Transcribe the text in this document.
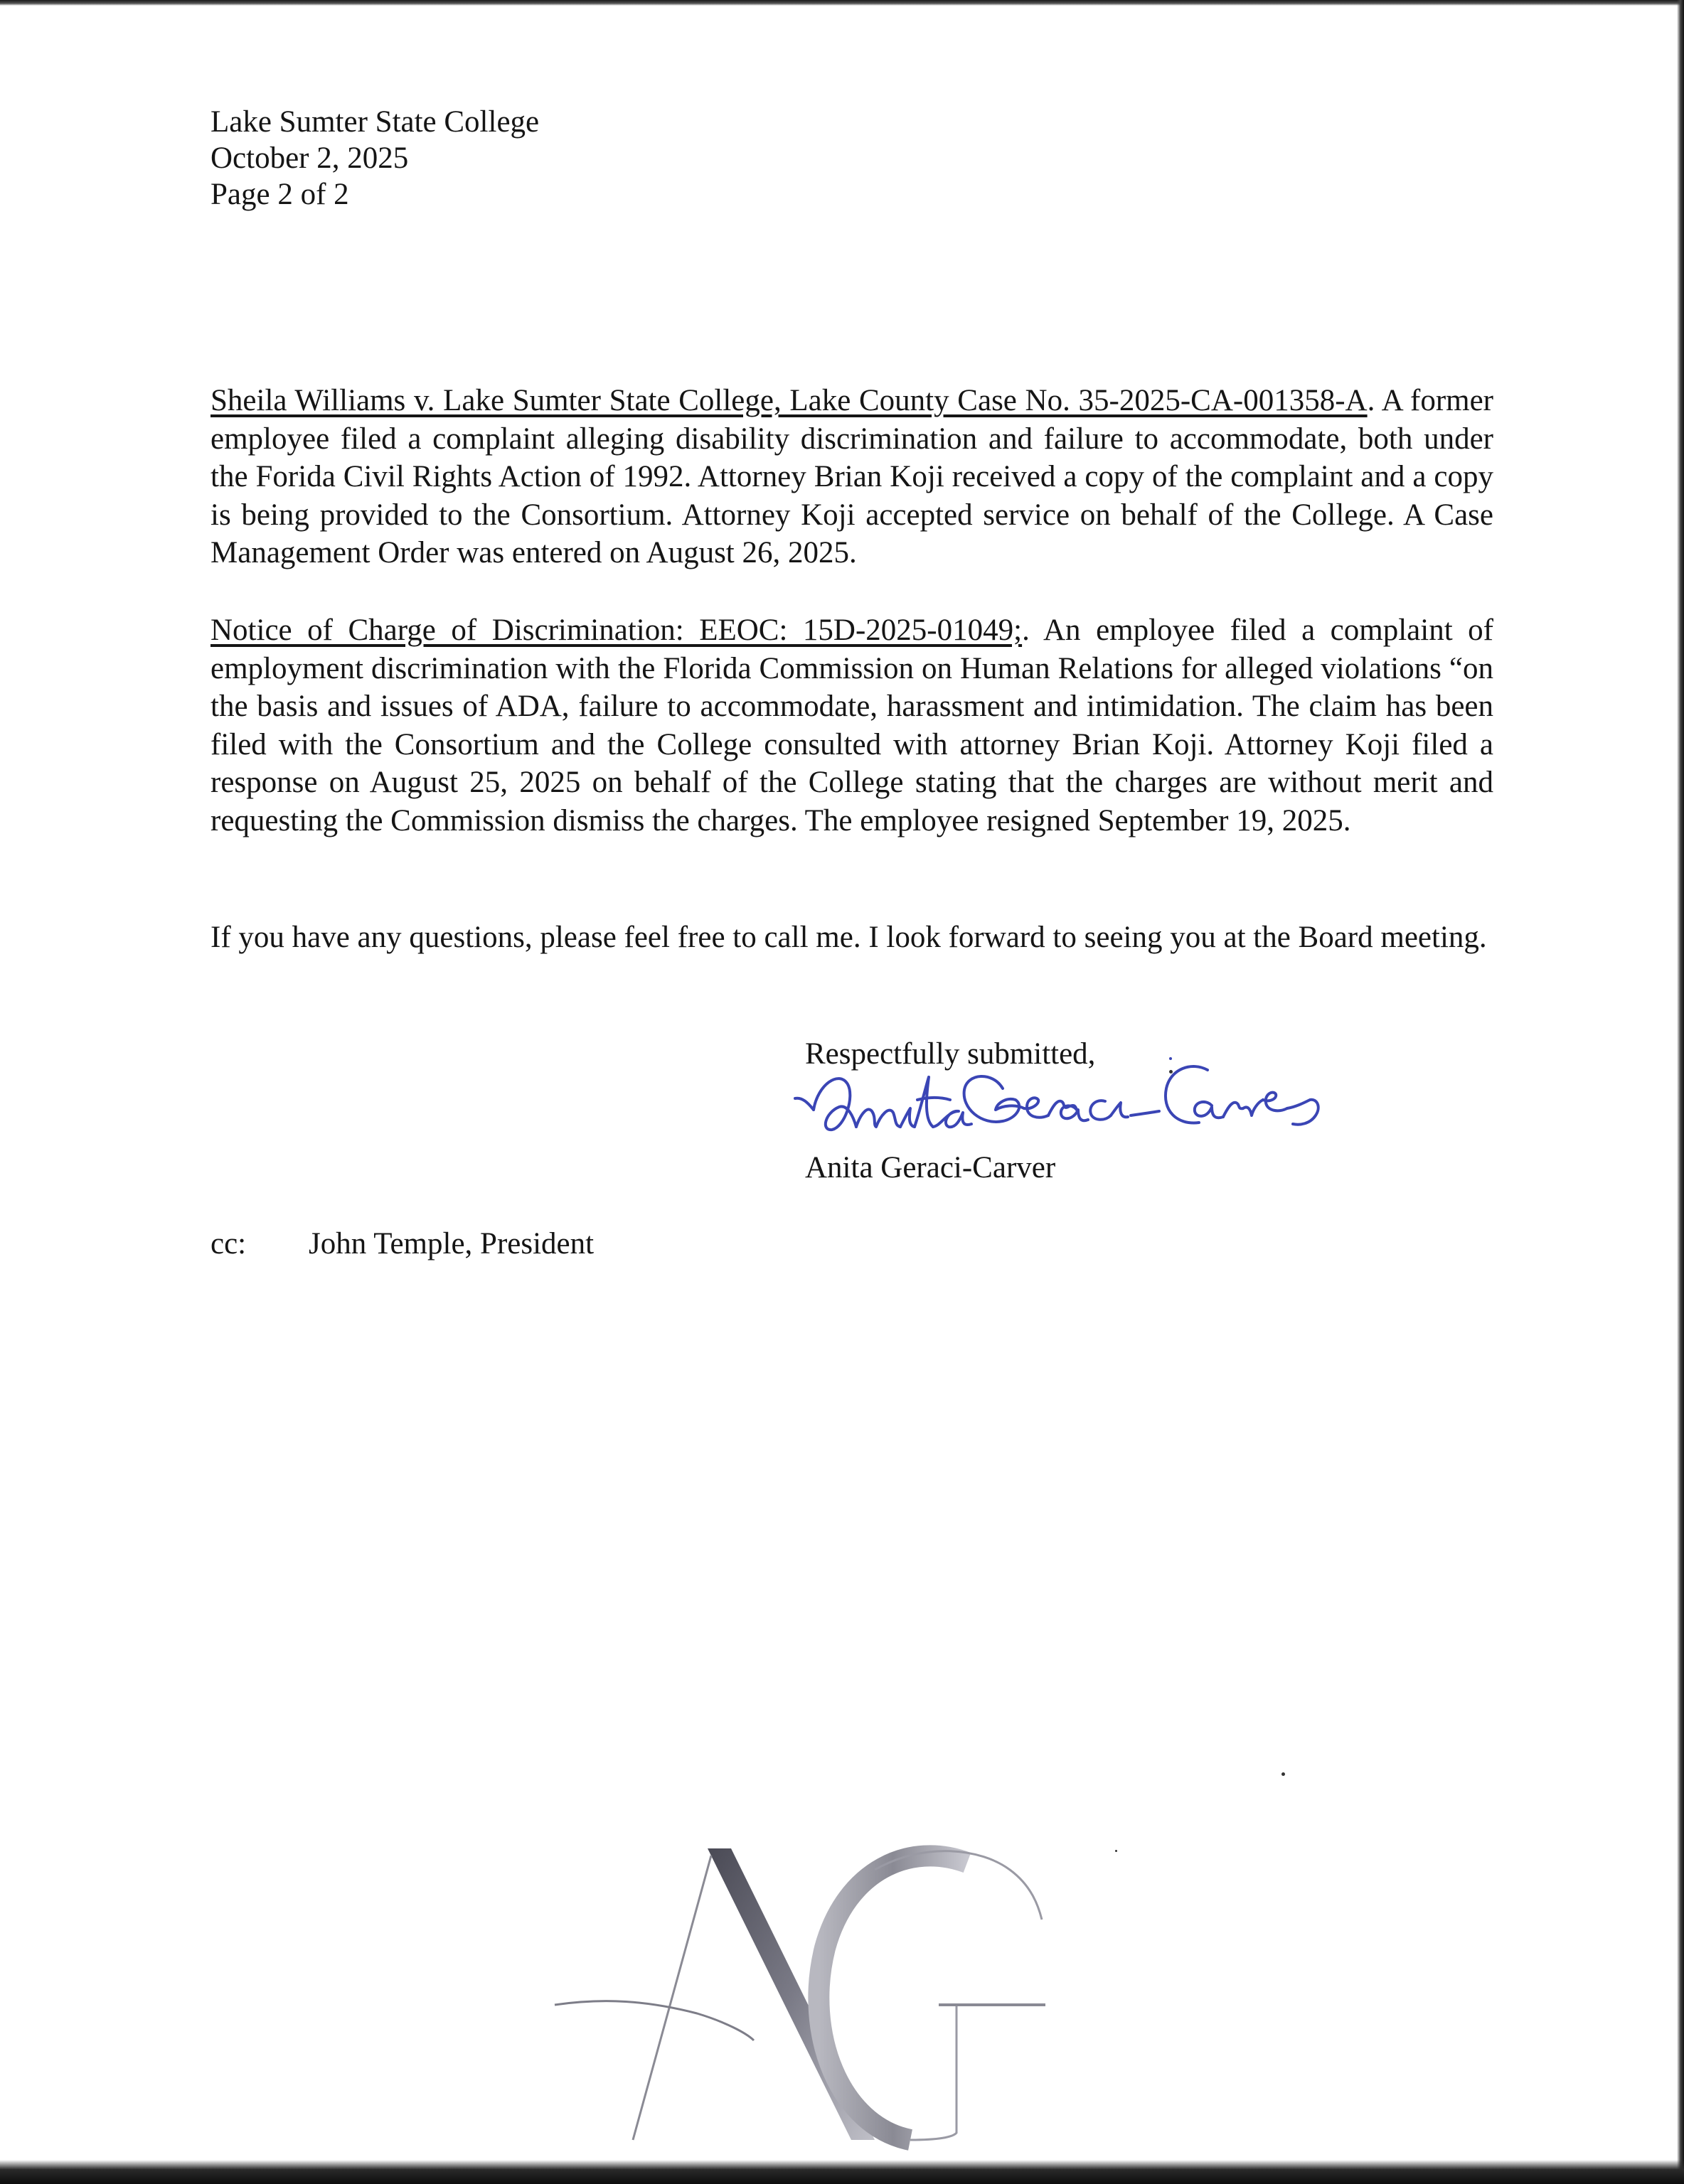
Lake Sumter State College
October 2, 2025
Page 2 of 2
Sheila Williams v. Lake Sumter State College, Lake County Case No. 35-2025-CA-001358-A. A former employee filed a complaint alleging disability discrimination and failure to accommodate, both under the Forida Civil Rights Action of 1992. Attorney Brian Koji received a copy of the complaint and a copy is being provided to the Consortium. Attorney Koji accepted service on behalf of the College. A Case Management Order was entered on August 26, 2025.
Notice of Charge of Discrimination: EEOC: 15D-2025-01049;. An employee filed a complaint of employment discrimination with the Florida Commission on Human Relations for alleged violations “on the basis and issues of ADA, failure to accommodate, harassment and intimidation. The claim has been filed with the Consortium and the College consulted with attorney Brian Koji. Attorney Koji filed a response on August 25, 2025 on behalf of the College stating that the charges are without merit and requesting the Commission dismiss the charges. The employee resigned September 19, 2025.
If you have any questions, please feel free to call me. I look forward to seeing you at the Board meeting.
Respectfully submitted,
Anita Geraci-Carver
Anita Geraci-Carver
cc: John Temple, President
AG
